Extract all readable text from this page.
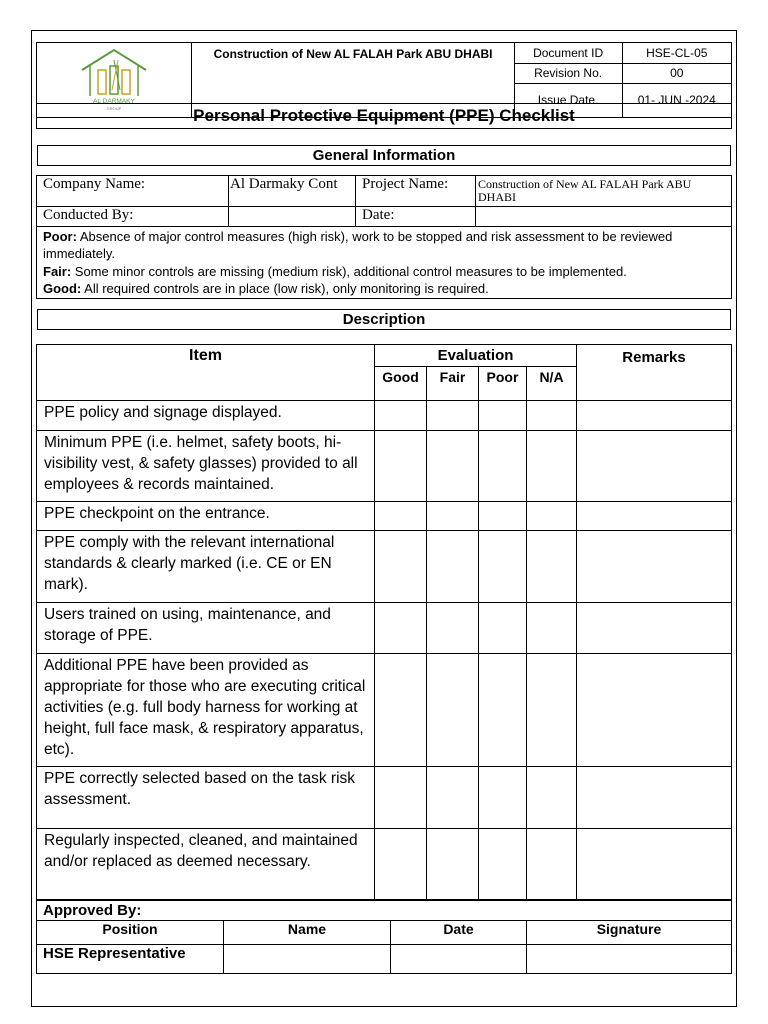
AL DARMAKY
GROUP	Construction of New AL FALAH Park ABU DHABI	Document ID	HSE-CL-05
		Revision No.	00
		Issue Date.	01- JUN -2024
Personal Protective Equipment (PPE) Checklist
General Information
Company Name:	Al Darmaky Cont	Project Name:	Construction of New AL FALAH Park ABU DHABI
Conducted By:		Date:	

Poor: Absence of major control measures (high risk), work to be stopped and risk assessment to be reviewed immediately.
Fair: Some minor controls are missing (medium risk), additional control measures to be implemented.
Good: All required controls are in place (low risk), only monitoring is required.			
Description
Item	Evaluation				Remarks
	Good	Fair	Poor	N/A	
PPE policy and signage displayed.					
Minimum PPE (i.e. helmet, safety boots, hi-visibility vest, & safety glasses) provided to all employees & records maintained.					
PPE checkpoint on the entrance.					
PPE comply with the relevant international standards & clearly marked (i.e. CE or EN mark).					
Users trained on using, maintenance, and storage of PPE.					
Additional PPE have been provided as appropriate for those who are executing critical activities (e.g. full body harness for working at height, full face mask, & respiratory apparatus, etc).					
PPE correctly selected based on the task risk assessment.					
Regularly inspected, cleaned, and maintained and/or replaced as deemed necessary.					
Approved By:			
Position	Name	Date	Signature
HSE Representative			
